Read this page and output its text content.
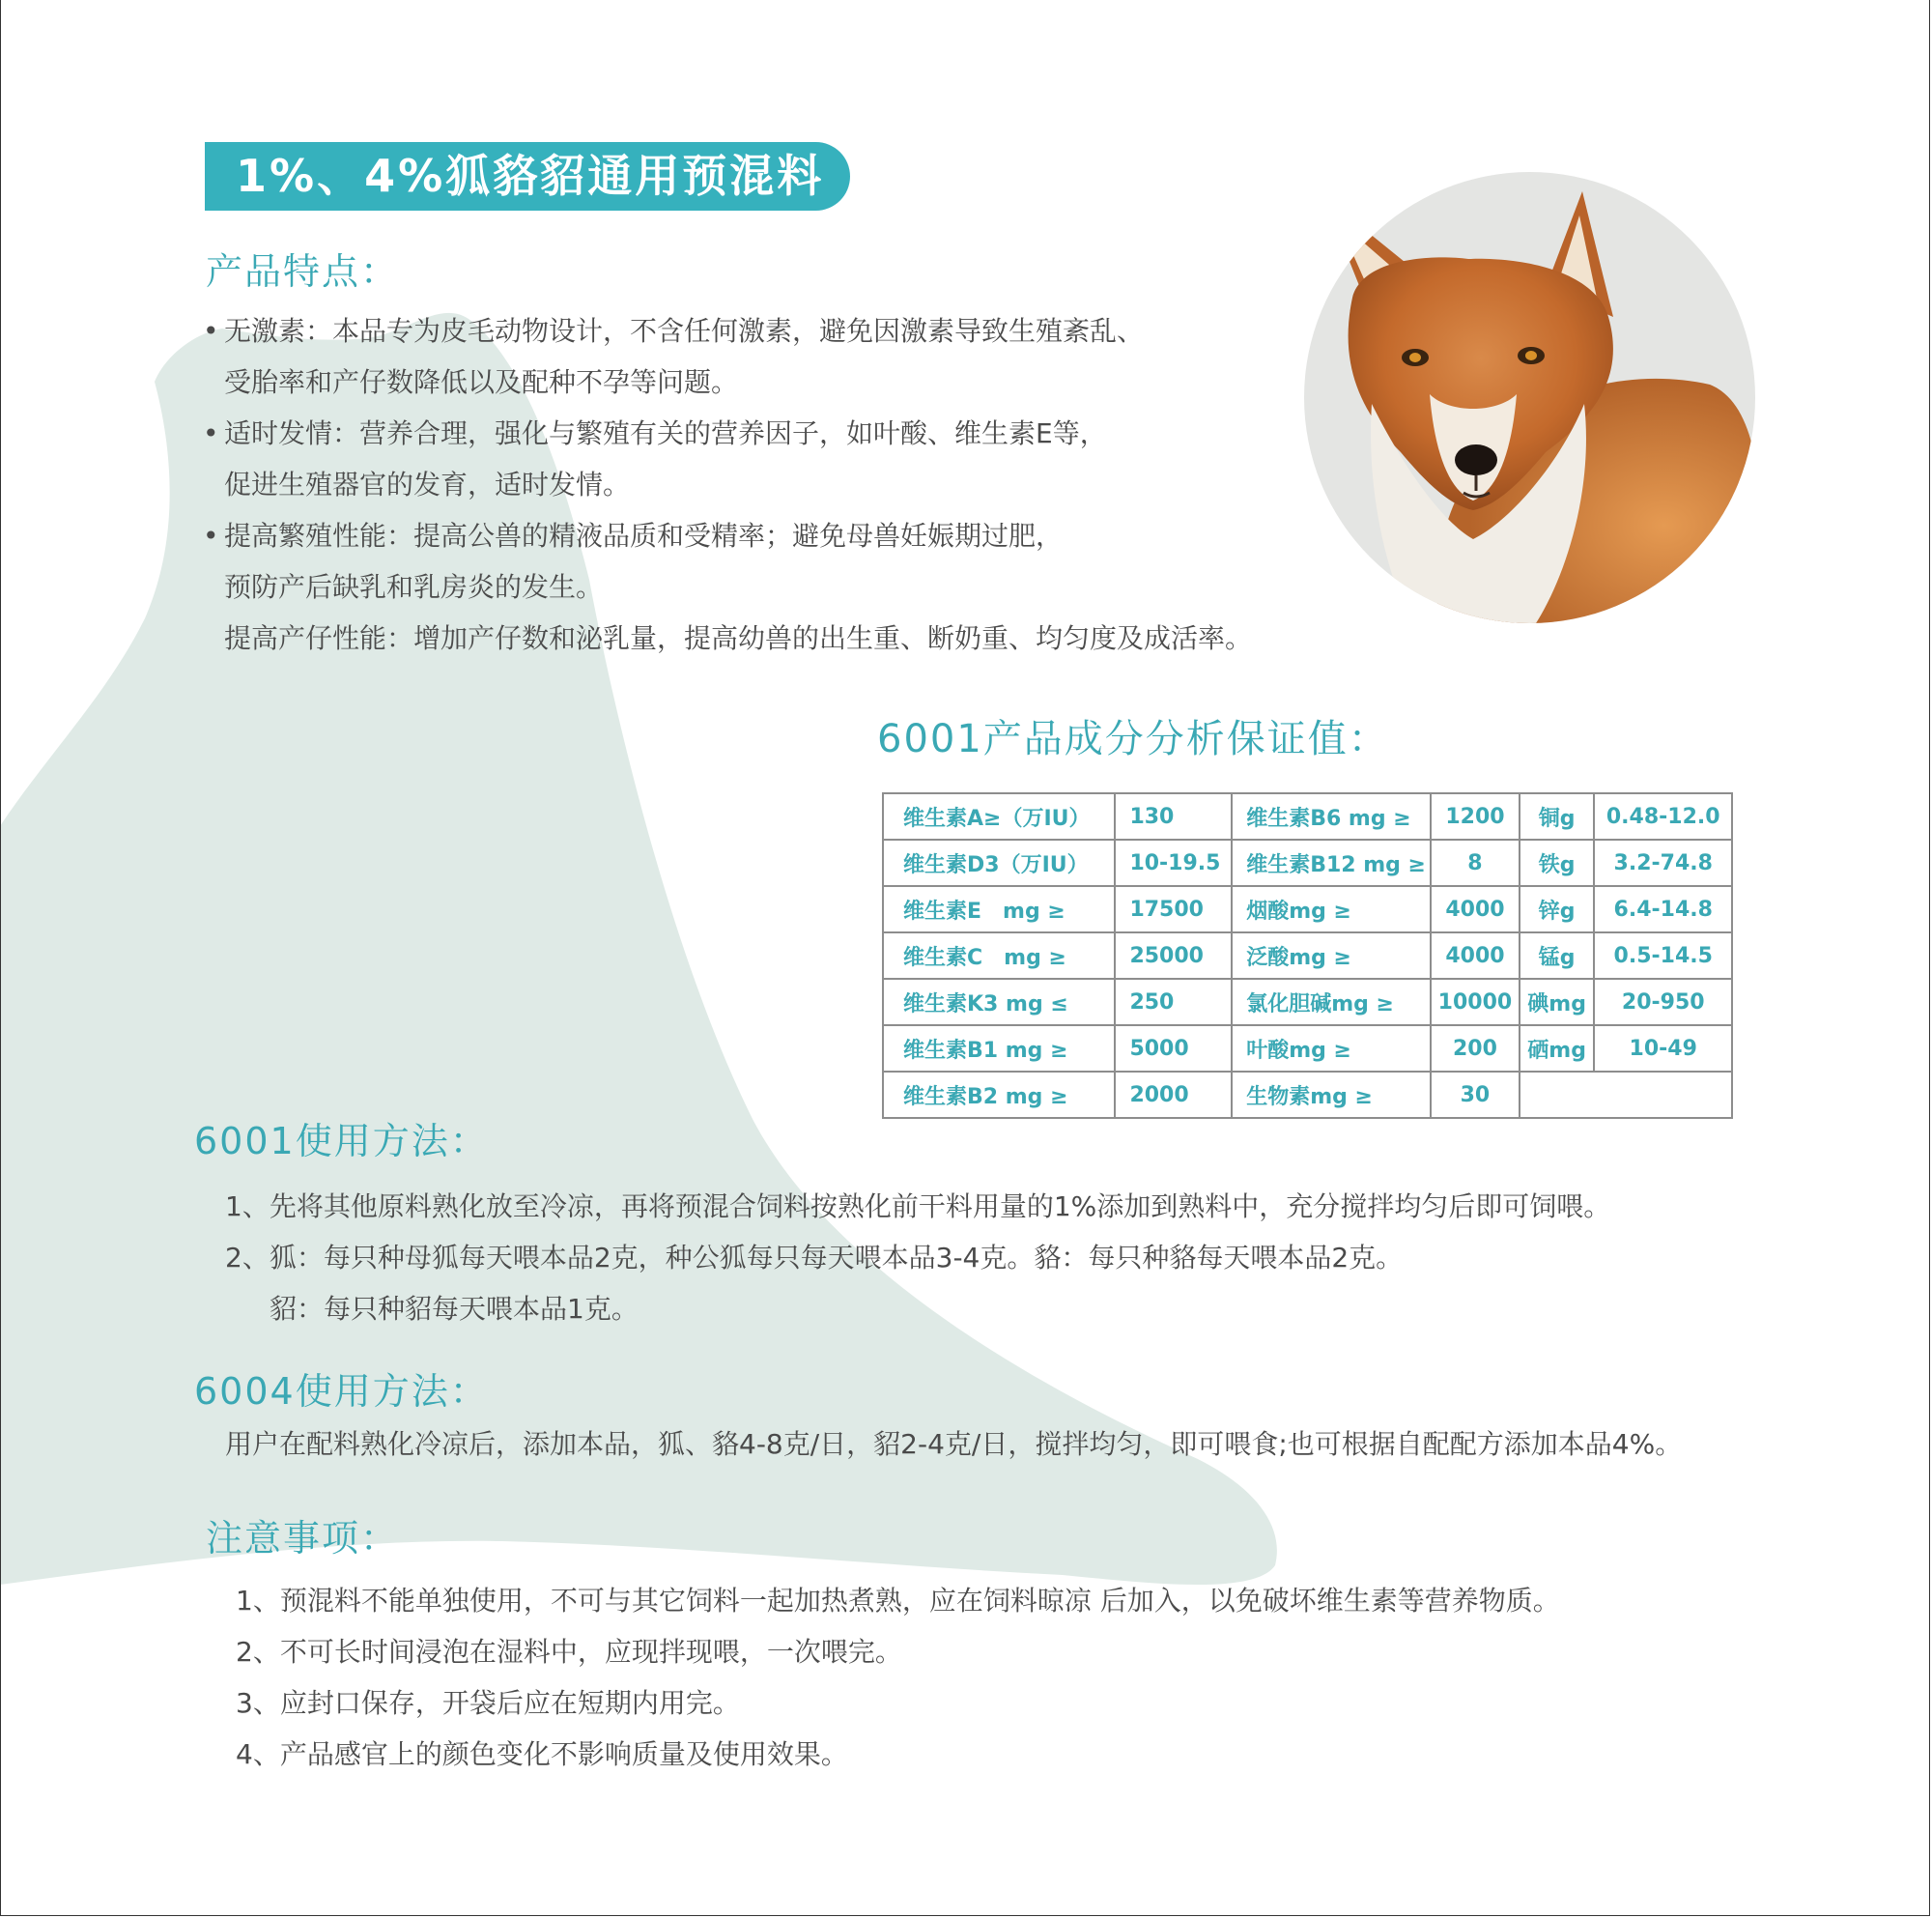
1%、4%狐貉貂通用预混料
产品特点：
• 无激素：本品专为皮毛动物设计，不含任何激素，避免因激素导致生殖紊乱、
受胎率和产仔数降低以及配种不孕等问题。
• 适时发情：营养合理，强化与繁殖有关的营养因子，如叶酸、维生素E等，
促进生殖器官的发育，适时发情。
• 提高繁殖性能：提高公兽的精液品质和受精率；避免母兽妊娠期过肥，
预防产后缺乳和乳房炎的发生。
提高产仔性能：增加产仔数和泌乳量，提高幼兽的出生重、断奶重、均匀度及成活率。
6001产品成分分析保证值：
维生素A≥（万IU）	130	维生素B6 mg ≥	1200	铜g	0.48-12.0
维生素D3（万IU）	10-19.5	维生素B12 mg ≥	8	铁g	3.2-74.8
维生素E　mg ≥	17500	烟酸mg ≥	4000	锌g	6.4-14.8
维生素C　mg ≥	25000	泛酸mg ≥	4000	锰g	0.5-14.5
维生素K3 mg ≤	250	氯化胆碱mg ≥	10000	碘mg	20-950
维生素B1 mg ≥	5000	叶酸mg ≥	200	硒mg	10-49
维生素B2 mg ≥	2000	生物素mg ≥	30		
6001使用方法：
1、先将其他原料熟化放至冷凉，再将预混合饲料按熟化前干料用量的1%添加到熟料中，充分搅拌均匀后即可饲喂。
2、狐：每只种母狐每天喂本品2克，种公狐每只每天喂本品3-4克。貉：每只种貉每天喂本品2克。
貂：每只种貂每天喂本品1克。
6004使用方法：
用户在配料熟化冷凉后，添加本品，狐、貉4-8克/日，貂2-4克/日，搅拌均匀，即可喂食;也可根据自配配方添加本品4%。
注意事项：
1、预混料不能单独使用，不可与其它饲料一起加热煮熟，应在饲料晾凉 后加入，以免破坏维生素等营养物质。
2、不可长时间浸泡在湿料中，应现拌现喂，一次喂完。
3、应封口保存，开袋后应在短期内用完。
4、产品感官上的颜色变化不影响质量及使用效果。
